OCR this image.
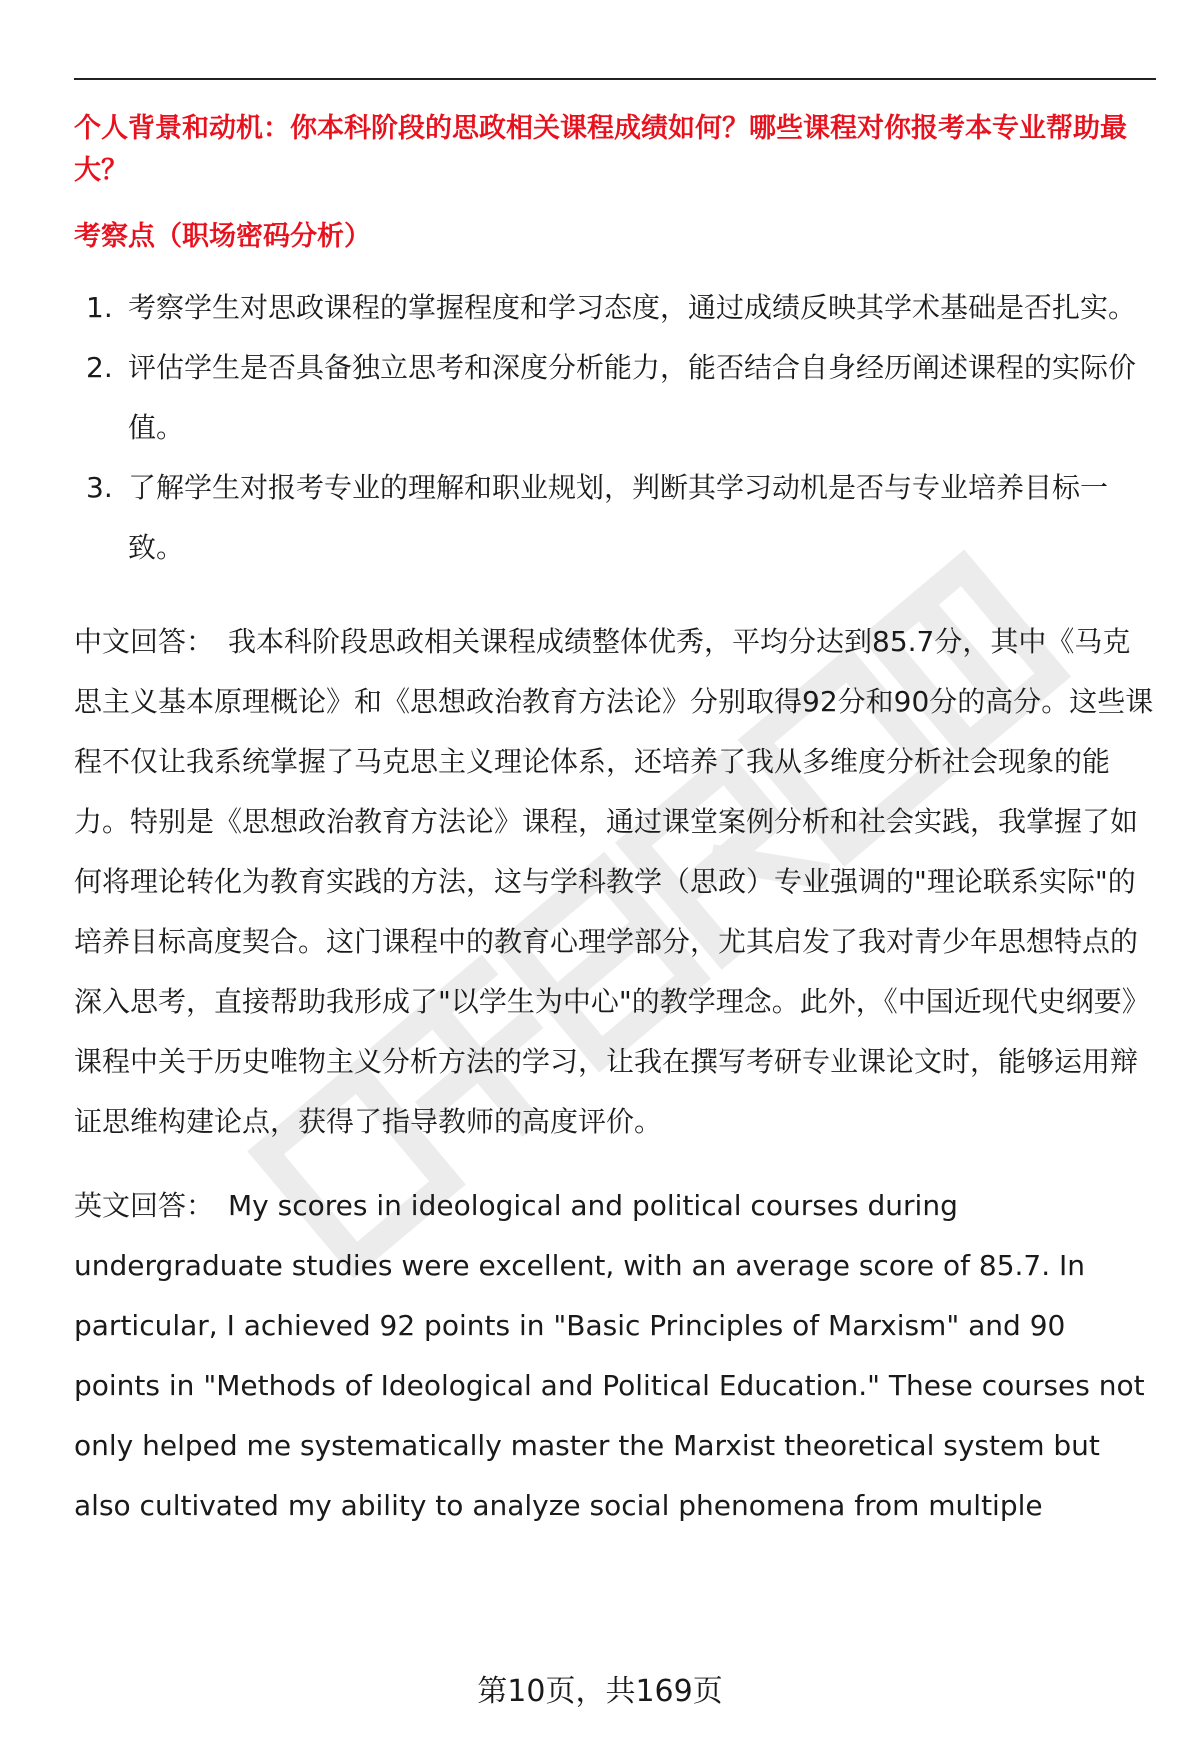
个人背景和动机：你本科阶段的思政相关课程成绩如何？哪些课程对你报考本专业帮助最大？

考察点（职场密码分析）

1. 考察学生对思政课程的掌握程度和学习态度，通过成绩反映其学术基础是否扎实。
2. 评估学生是否具备独立思考和深度分析能力，能否结合自身经历阐述课程的实际价值。
3. 了解学生对报考专业的理解和职业规划，判断其学习动机是否与专业培养目标一致。

中文回答： 我本科阶段思政相关课程成绩整体优秀，平均分达到85.7分，其中《马克思主义基本原理概论》和《思想政治教育方法论》分别取得92分和90分的高分。这些课程不仅让我系统掌握了马克思主义理论体系，还培养了我从多维度分析社会现象的能力。特别是《思想政治教育方法论》课程，通过课堂案例分析和社会实践，我掌握了如何将理论转化为教育实践的方法，这与学科教学（思政）专业强调的"理论联系实际"的培养目标高度契合。这门课程中的教育心理学部分，尤其启发了我对青少年思想特点的深入思考，直接帮助我形成了"以学生为中心"的教学理念。此外，《中国近现代史纲要》课程中关于历史唯物主义分析方法的学习，让我在撰写考研专业课论文时，能够运用辩证思维构建论点，获得了指导教师的高度评价。

英文回答： My scores in ideological and political courses during undergraduate studies were excellent, with an average score of 85.7. In particular, I achieved 92 points in "Basic Principles of Marxism" and 90 points in "Methods of Ideological and Political Education." These courses not only helped me systematically master the Marxist theoretical system but also cultivated my ability to analyze social phenomena from multiple

第10页，共169页
